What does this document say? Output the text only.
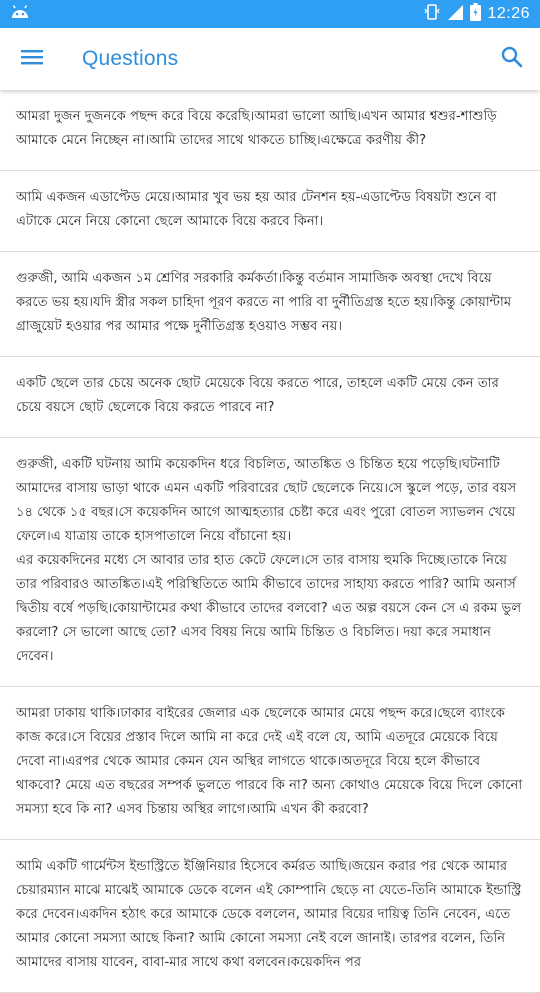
12:26
Questions

আমরা দুজন দুজনকে পছন্দ করে বিয়ে করেছি।আমরা ভালো আছি।এখন আমার শ্বশুর-শাশুড়ি আমাকে মেনে নিচ্ছেন না।আমি তাদের সাথে থাকতে চাচ্ছি।এক্ষেত্রে করণীয় কী?

আমি একজন এডাপ্টেড মেয়ে।আমার খুব ভয় হয় আর টেনশন হয়-এডাপ্টেড বিষয়টা শুনে বা এটাকে মেনে নিয়ে কোনো ছেলে আমাকে বিয়ে করবে কিনা।

গুরুজী, আমি একজন ১ম শ্রেণির সরকারি কর্মকর্তা।কিন্তু বর্তমান সামাজিক অবস্থা দেখে বিয়ে করতে ভয় হয়।যদি স্ত্রীর সকল চাহিদা পূরণ করতে না পারি বা দুর্নীতিগ্রস্ত হতে হয়।কিন্তু কোয়ান্টাম গ্রাজুয়েট হওয়ার পর আমার পক্ষে দুর্নীতিগ্রস্ত হওয়াও সম্ভব নয়।

একটি ছেলে তার চেয়ে অনেক ছোট মেয়েকে বিয়ে করতে পারে, তাহলে একটি মেয়ে কেন তার চেয়ে বয়সে ছোট ছেলেকে বিয়ে করতে পারবে না?

গুরুজী, একটি ঘটনায় আমি কয়েকদিন ধরে বিচলিত, আতঙ্কিত ও চিন্তিত হয়ে পড়েছি।ঘটনাটি আমাদের বাসায় ভাড়া থাকে এমন একটি পরিবারের ছোট ছেলেকে নিয়ে।সে স্কুলে পড়ে, তার বয়স ১৪ থেকে ১৫ বছর।সে কয়েকদিন আগে আত্মহত্যার চেষ্টা করে এবং পুরো বোতল স্যাভলন খেয়ে ফেলে।এ যাত্রায় তাকে হাসপাতালে নিয়ে বাঁচানো হয়।

এর কয়েকদিনের মধ্যে সে আবার তার হাত কেটে ফেলে।সে তার বাসায় হুমকি দিচ্ছে।তাকে নিয়ে তার পরিবারও আতঙ্কিত।এই পরিস্থিতিতে আমি কীভাবে তাদের সাহায্য করতে পারি? আমি অনার্স দ্বিতীয় বর্ষে পড়ছি।কোয়ান্টামের কথা কীভাবে তাদের বলবো? এত অল্প বয়সে কেন সে এ রকম ভুল করলো? সে ভালো আছে তো? এসব বিষয় নিয়ে আমি চিন্তিত ও বিচলিত। দয়া করে সমাধান দেবেন।

আমরা ঢাকায় থাকি।ঢাকার বাইরের জেলার এক ছেলেকে আমার মেয়ে পছন্দ করে।ছেলে ব্যাংকে কাজ করে।সে বিয়ের প্রস্তাব দিলে আমি না করে দেই এই বলে যে, আমি এতদূরে মেয়েকে বিয়ে দেবো না।এরপর থেকে আমার কেমন যেন অস্থির লাগতে থাকে।অতদূরে বিয়ে হলে কীভাবে থাকবো? মেয়ে এত বছরের সম্পর্ক ভুলতে পারবে কি না? অন্য কোথাও মেয়েকে বিয়ে দিলে কোনো সমস্যা হবে কি না? এসব চিন্তায় অস্থির লাগে।আমি এখন কী করবো?

আমি একটি গার্মেন্টস ইন্ডাস্ট্রিতে ইঞ্জিনিয়ার হিসেবে কর্মরত আছি।জয়েন করার পর থেকে আমার চেয়ারম্যান মাঝে মাঝেই আমাকে ডেকে বলেন এই কোম্পানি ছেড়ে না যেতে-তিনি আমাকে ইন্ডাস্ট্রি করে দেবেন।একদিন হঠাৎ করে আমাকে ডেকে বললেন, আমার বিয়ের দায়িত্ব তিনি নেবেন, এতে আমার কোনো সমস্যা আছে কিনা? আমি কোনো সমস্যা নেই বলে জানাই। তারপর বলেন, তিনি আমাদের বাসায় যাবেন, বাবা-মার সাথে কথা বলবেন।কয়েকদিন পর
